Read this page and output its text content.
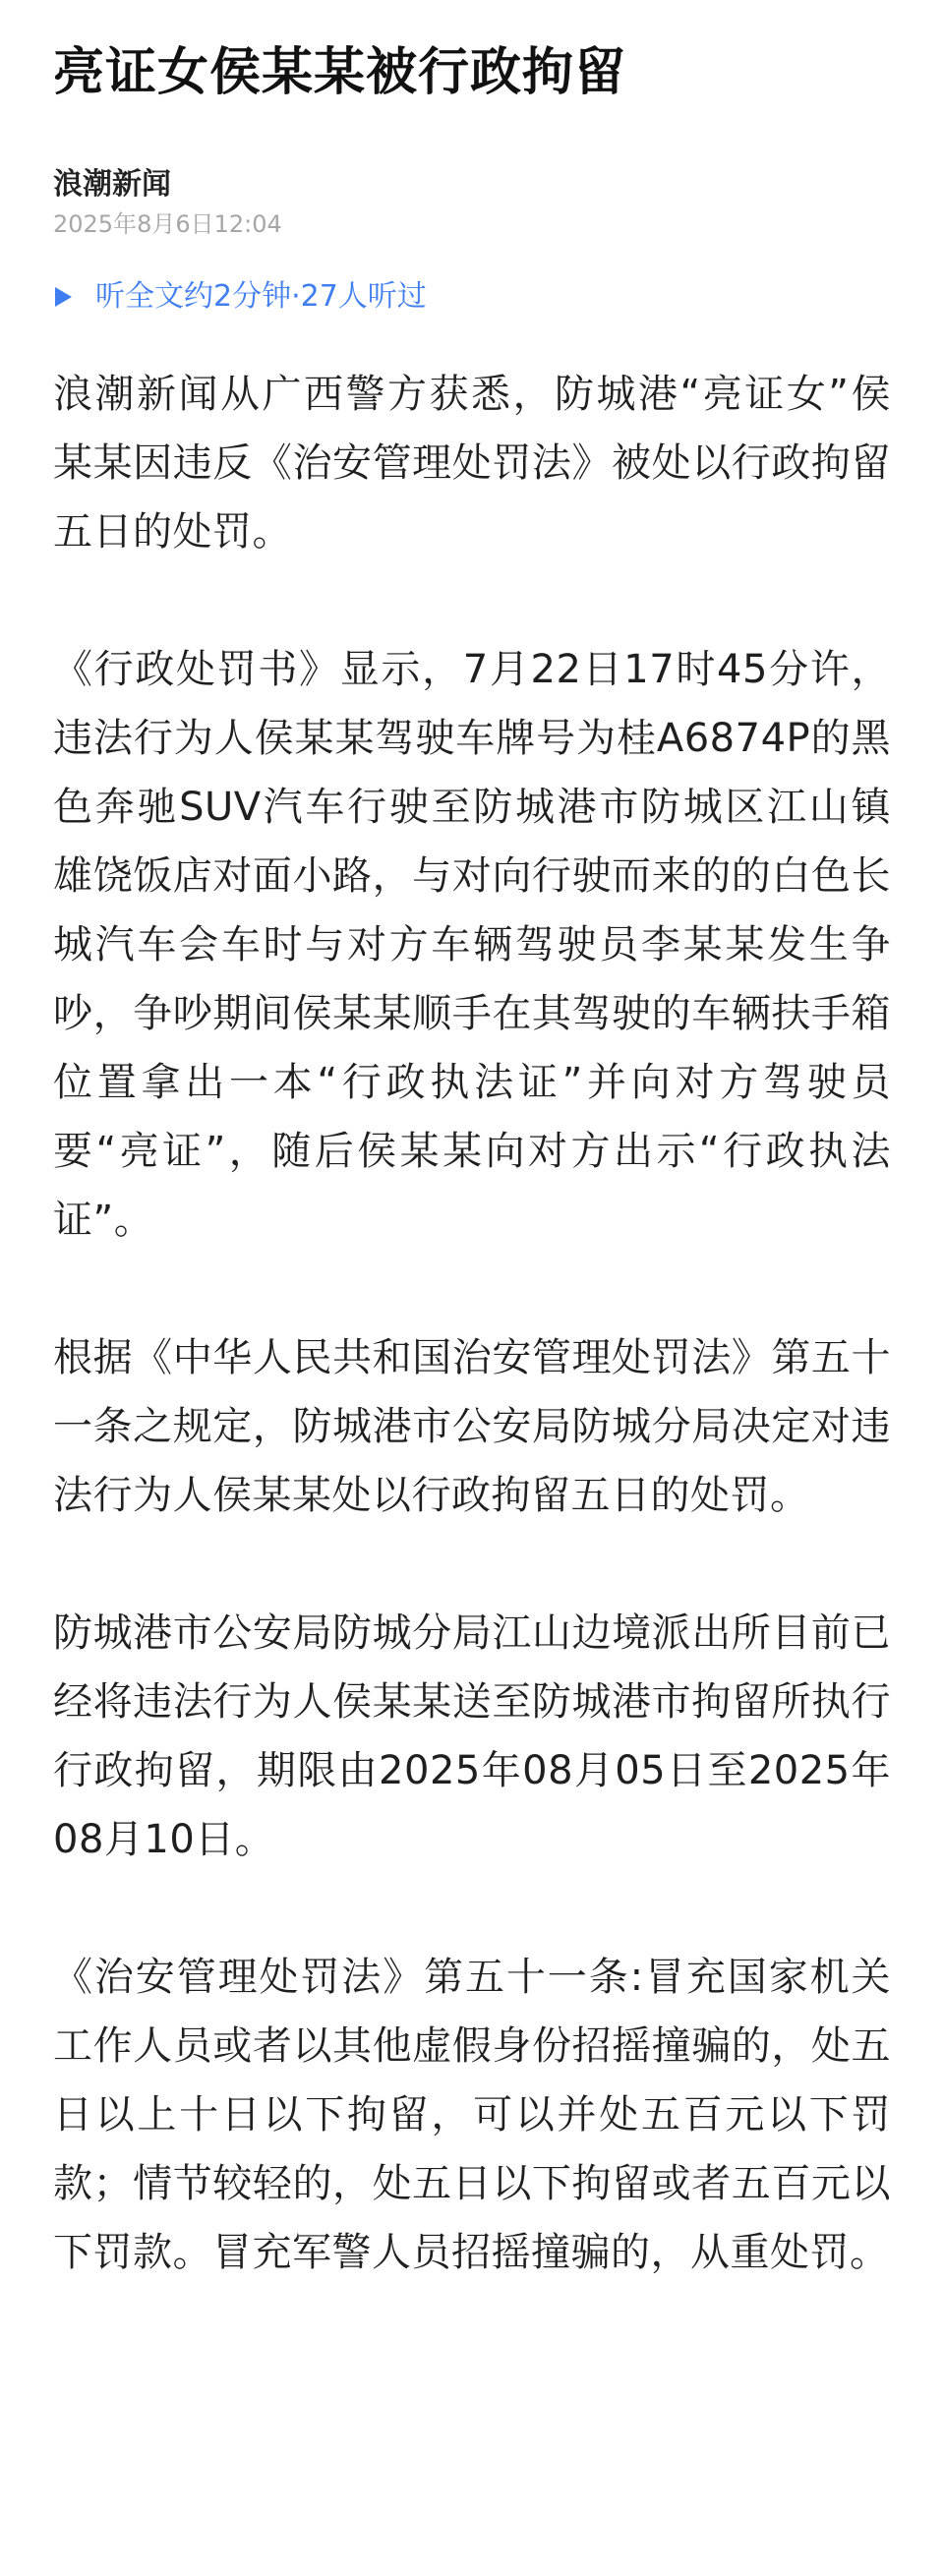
亮证女侯某某被行政拘留
浪潮新闻
2025年8月6日12:04
听全文约2分钟·27人听过

浪潮新闻从广西警方获悉，防城港“亮证女”侯某某因违反《治安管理处罚法》被处以行政拘留五日的处罚。

《行政处罚书》显示，7月22日17时45分许，违法行为人侯某某驾驶车牌号为桂A6874P的黑色奔驰SUV汽车行驶至防城港市防城区江山镇雄饶饭店对面小路，与对向行驶而来的的白色长城汽车会车时与对方车辆驾驶员李某某发生争吵，争吵期间侯某某顺手在其驾驶的车辆扶手箱位置拿出一本“行政执法证”并向对方驾驶员要“亮证”，随后侯某某向对方出示“行政执法证”。

根据《中华人民共和国治安管理处罚法》第五十一条之规定，防城港市公安局防城分局决定对违法行为人侯某某处以行政拘留五日的处罚。

防城港市公安局防城分局江山边境派出所目前已经将违法行为人侯某某送至防城港市拘留所执行行政拘留，期限由2025年08月05日至2025年08月10日。

《治安管理处罚法》第五十一条:冒充国家机关工作人员或者以其他虚假身份招摇撞骗的，处五日以上十日以下拘留，可以并处五百元以下罚款；情节较轻的，处五日以下拘留或者五百元以下罚款。冒充军警人员招摇撞骗的，从重处罚。
